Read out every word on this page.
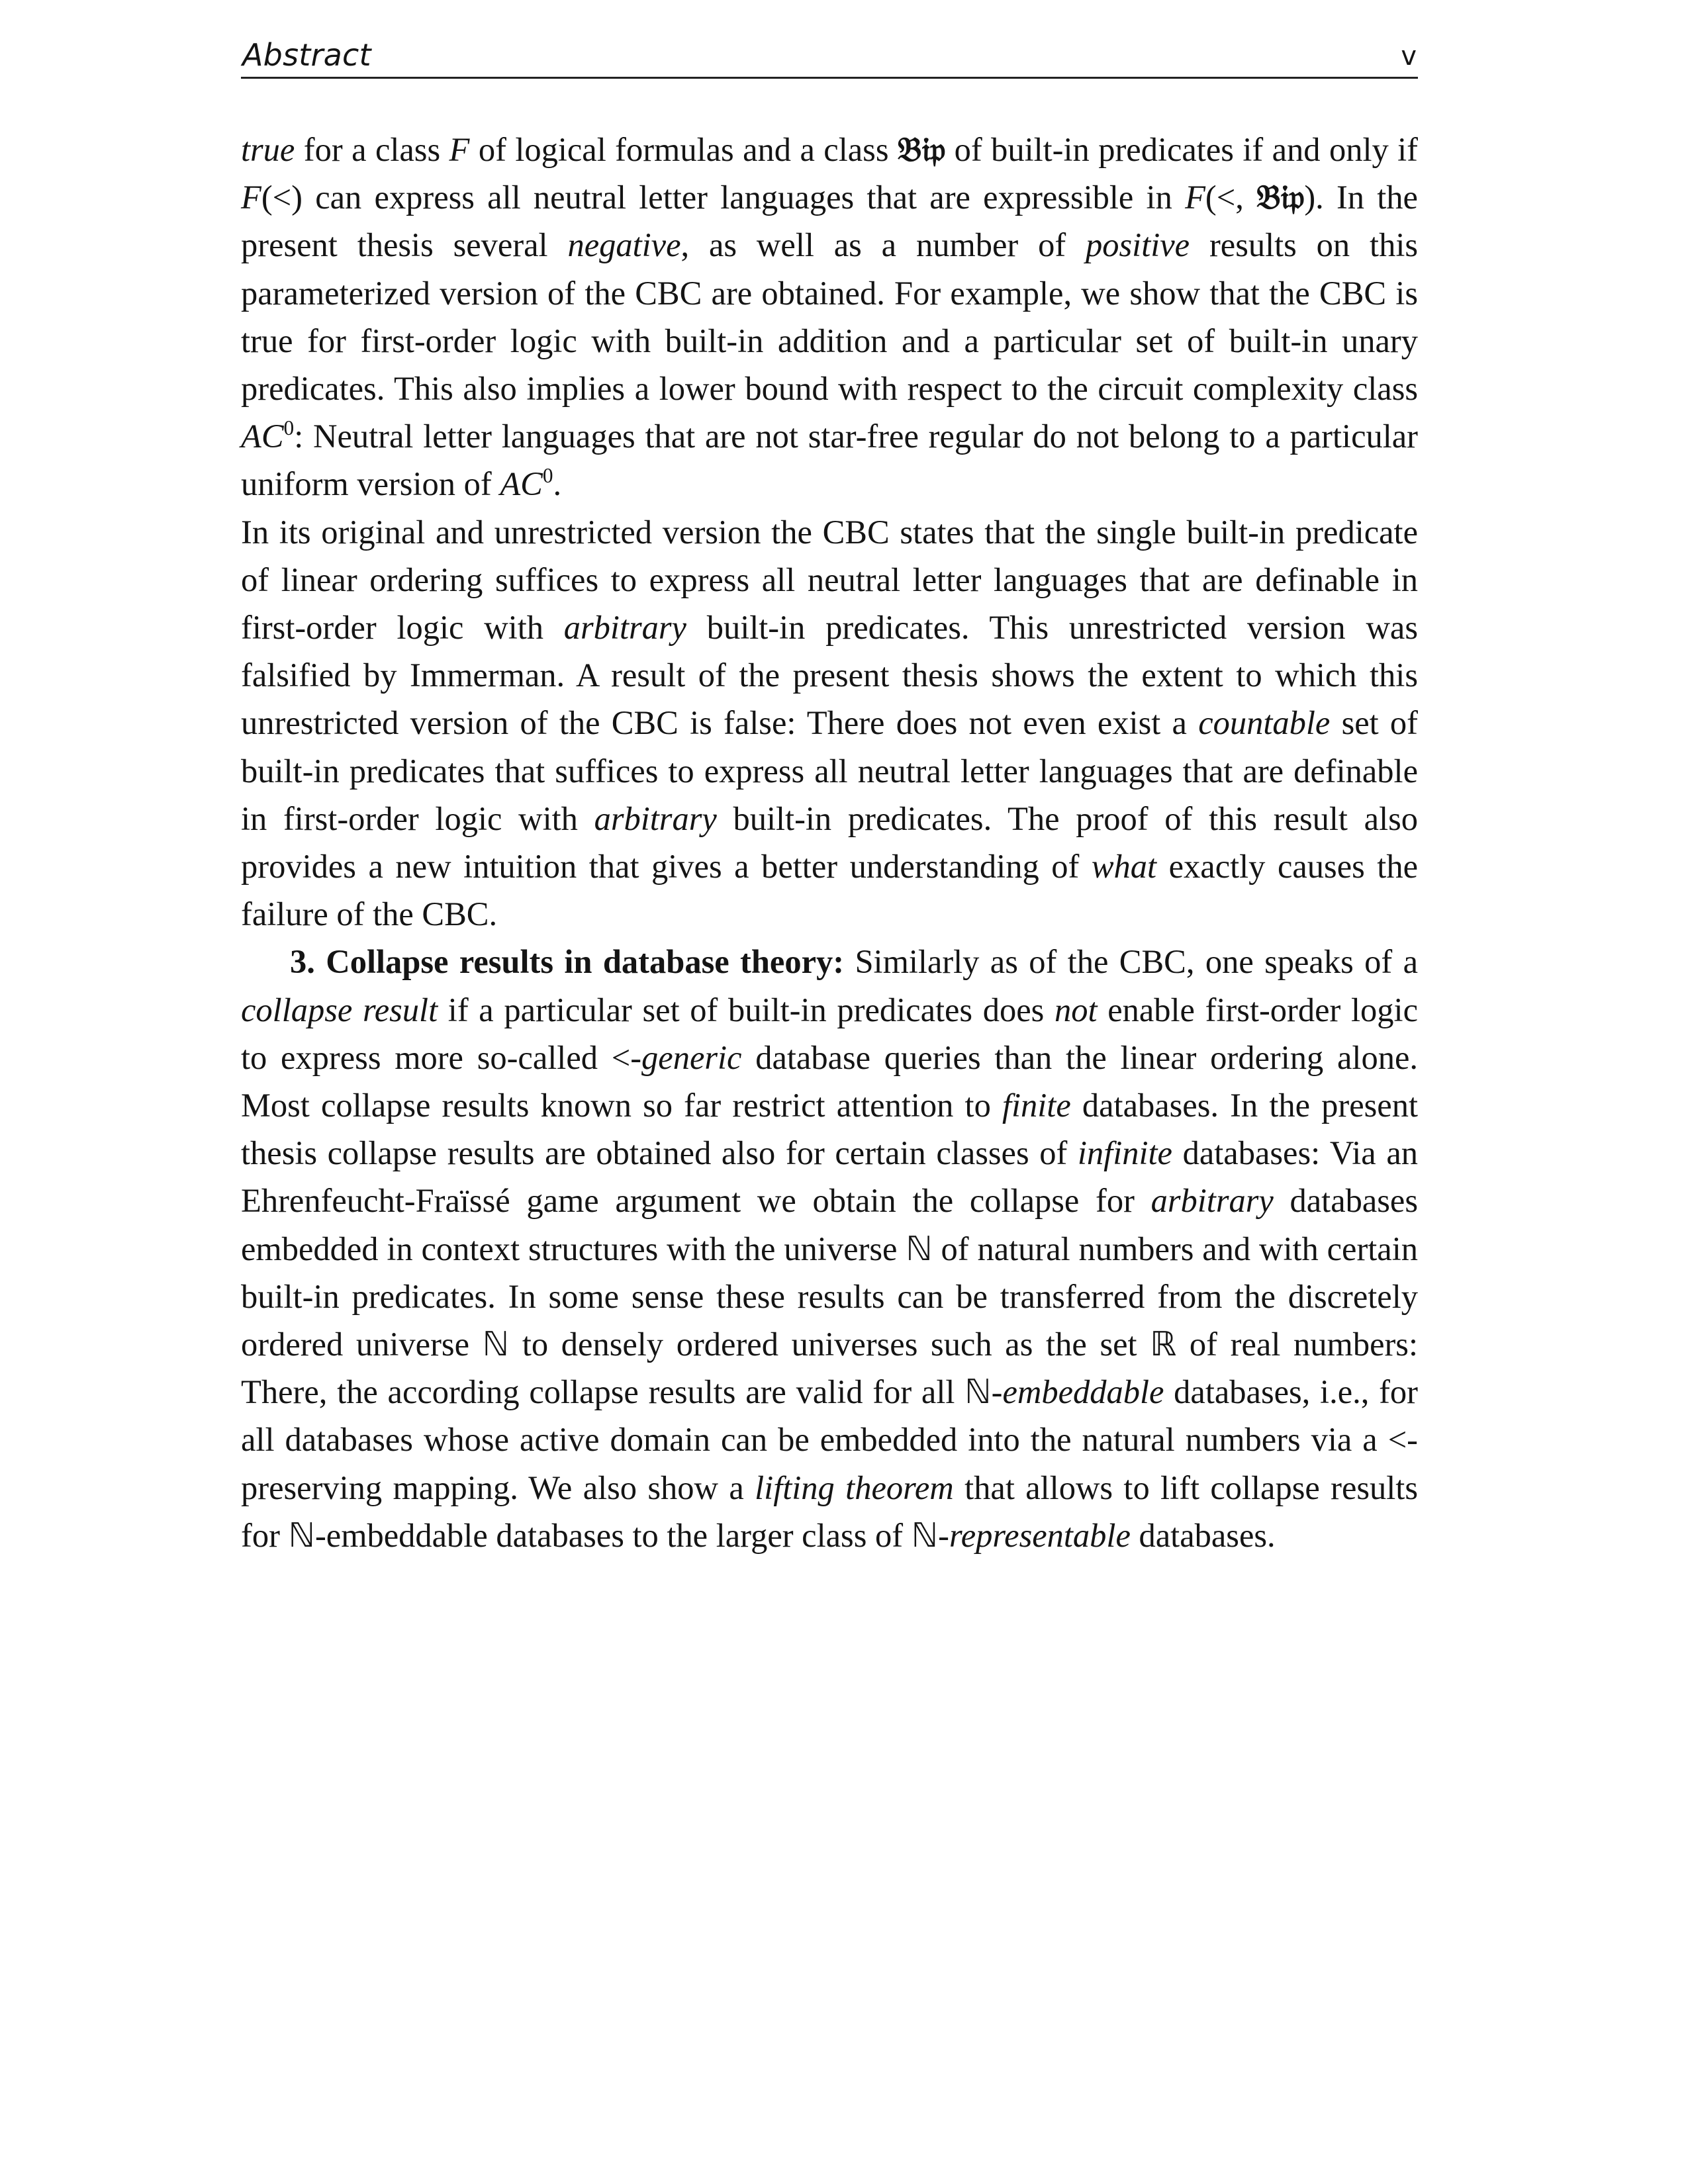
Abstract	v

true for a class F of logical formulas and a class 𝔅𝔦𝔭 of built-in predicates if and only if F(<) can express all neutral letter languages that are expressible in F(<, 𝔅𝔦𝔭). In the present thesis several negative, as well as a number of positive results on this parameterized version of the CBC are obtained. For example, we show that the CBC is true for first-order logic with built-in addition and a particular set of built-in unary predicates. This also implies a lower bound with respect to the circuit complexity class $AC^0$: Neutral letter languages that are not star-free regular do not belong to a particular uniform version of $AC^0$.

In its original and unrestricted version the CBC states that the single built-in predicate of linear ordering suffices to express all neutral letter languages that are definable in first-order logic with arbitrary built-in predicates. This unrestricted version was falsified by Immerman. A result of the present thesis shows the extent to which this unrestricted version of the CBC is false: There does not even exist a countable set of built-in predicates that suffices to express all neutral letter languages that are definable in first-order logic with arbitrary built-in predicates. The proof of this result also provides a new intuition that gives a better understanding of what exactly causes the failure of the CBC.

3. Collapse results in database theory: Similarly as of the CBC, one speaks of a collapse result if a particular set of built-in predicates does not enable first-order logic to express more so-called <-generic database queries than the linear ordering alone. Most collapse results known so far restrict attention to finite databases. In the present thesis collapse results are obtained also for certain classes of infinite databases: Via an Ehrenfeucht-Fraïssé game argument we obtain the collapse for arbitrary databases embedded in context structures with the universe ℕ of natural numbers and with certain built-in predicates. In some sense these results can be transferred from the discretely ordered universe ℕ to densely ordered universes such as the set ℝ of real numbers: There, the according collapse results are valid for all ℕ-embeddable databases, i.e., for all databases whose active domain can be embedded into the natural numbers via a <-preserving mapping. We also show a lifting theorem that allows to lift collapse results for ℕ-embeddable databases to the larger class of ℕ-representable databases.
